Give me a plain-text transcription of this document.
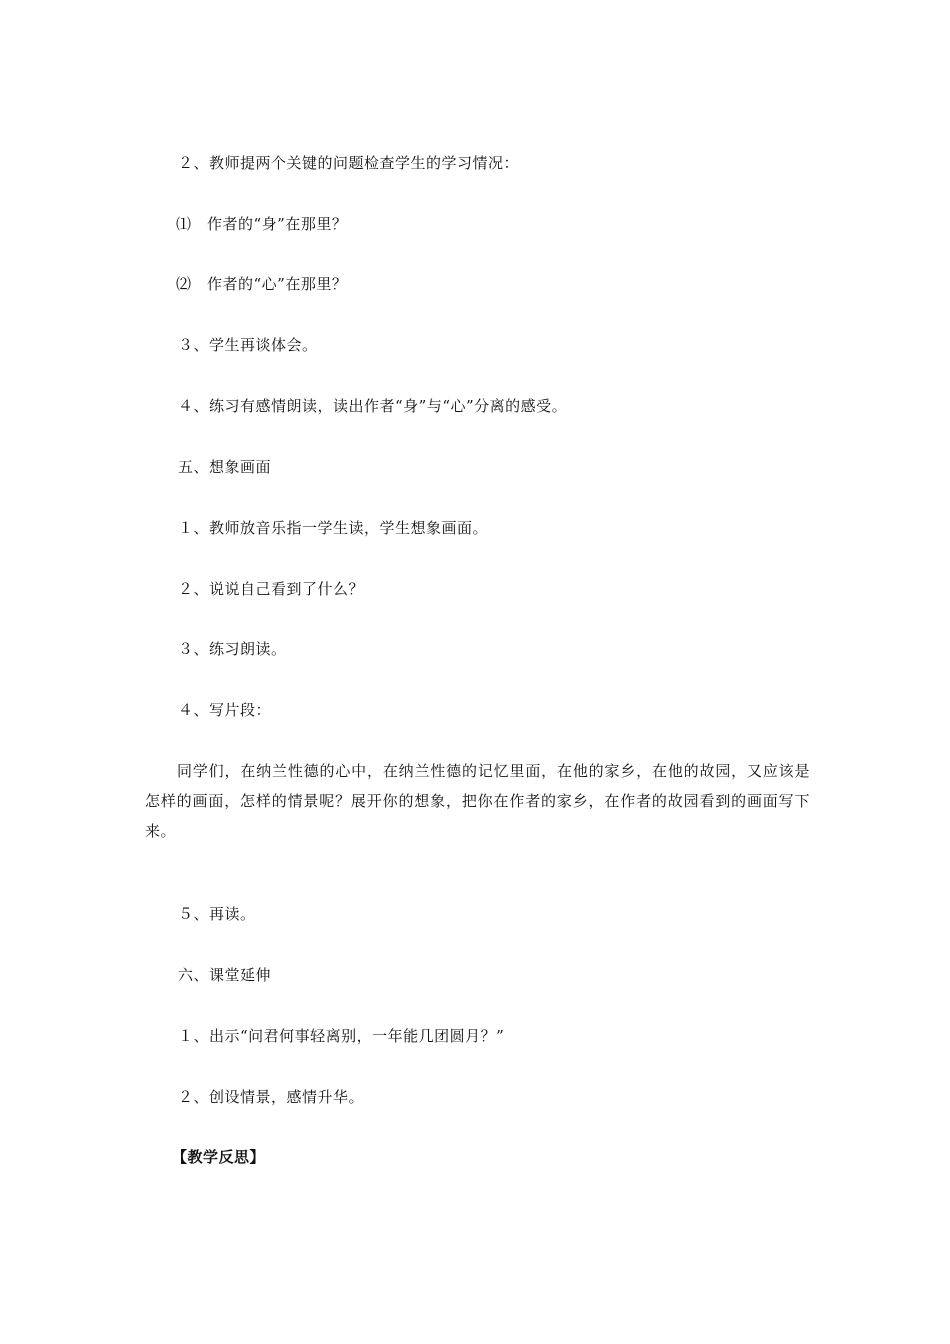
２、教师提两个关键的问题检查学生的学习情况：
⑴　作者的“身”在那里？
⑵　作者的“心”在那里？
３、学生再谈体会。
４、练习有感情朗读，读出作者“身”与“心”分离的感受。
五、想象画面
１、教师放音乐指一学生读，学生想象画面。
２、说说自己看到了什么？
３、练习朗读。
４、写片段：
同学们，在纳兰性德的心中，在纳兰性德的记忆里面，在他的家乡，在他的故园，又应该是怎样的画面，怎样的情景呢？展开你的想象，把你在作者的家乡，在作者的故园看到的画面写下来。
５、再读。
六、课堂延伸
１、出示“问君何事轻离别，一年能几团圆月？”
２、创设情景，感情升华。
【教学反思】
